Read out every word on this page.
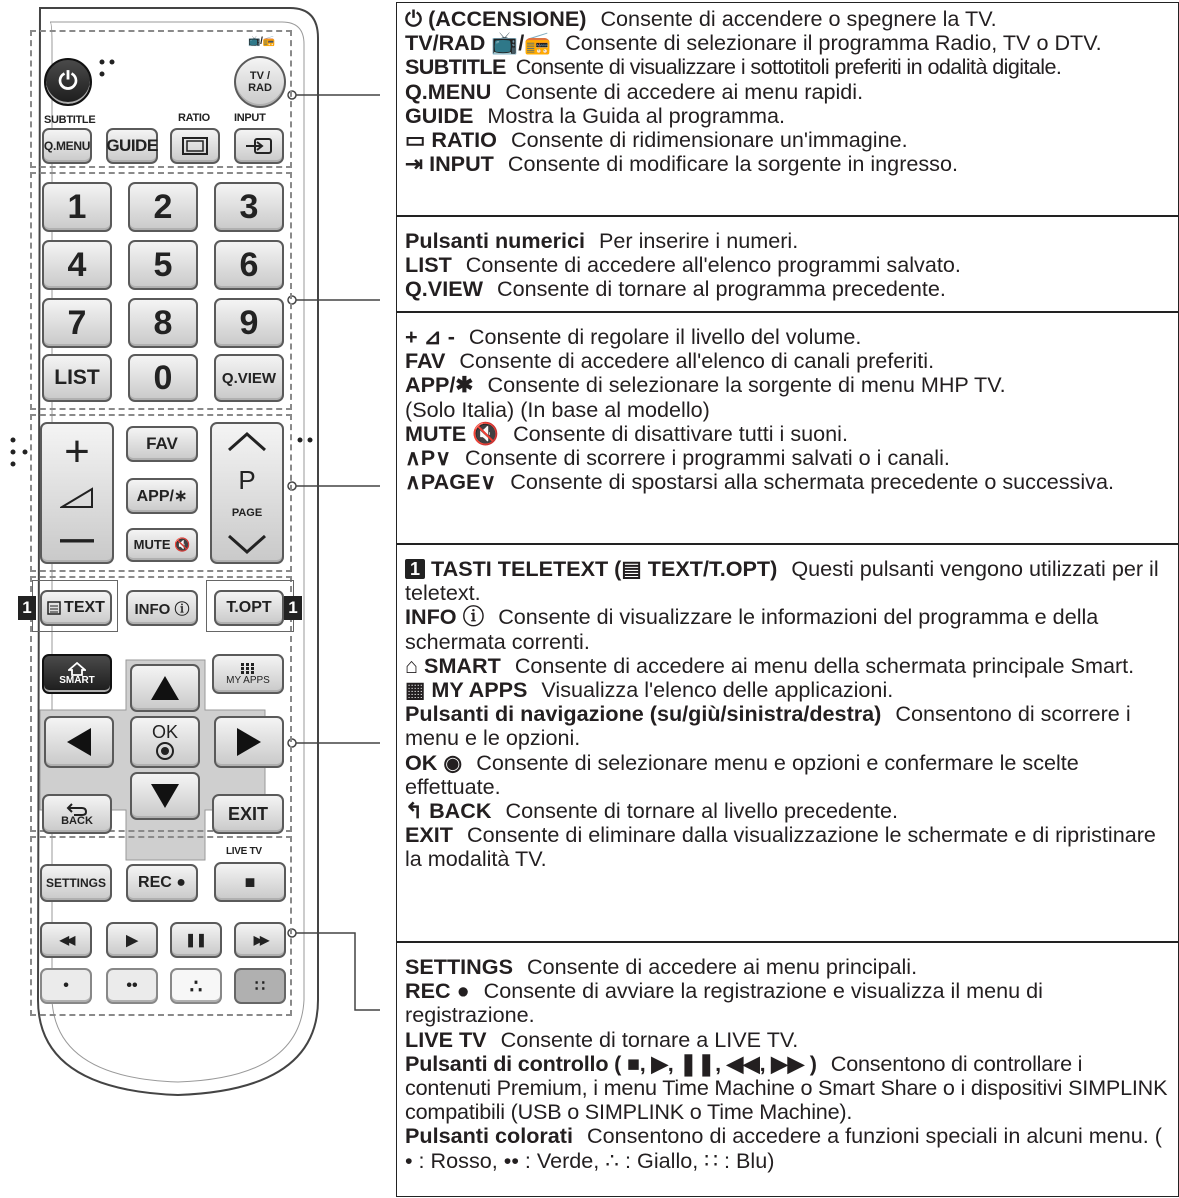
⏻
📺/📻
TV / RAD
SUBTITLE	RATIO INPUT
Q.MENU GUIDE
1	2	3
4	5	6
7	8	9
LIST	0	Q.VIEW
+
—
FAV
APP/∗
MUTE 🔇
P
PAGE
1	1
TEXT	INFO ⓘ	T.OPT
SMART	MY APPS
OK
BACK	EXIT
LIVE TV
SETTINGS	REC ●	■
◀◀	▶	❚❚	▶▶
•	••	∴	∷

⏻ (ACCENSIONE) Consente di accendere o spegnere la TV.

TV/RAD 📺/📻 Consente di selezionare il programma Radio, TV o DTV.

SUBTITLE Consente di visualizzare i sottotitoli preferiti in odalità digitale.

Q.MENU Consente di accedere ai menu rapidi.

GUIDE Mostra la Guida al programma.

▭ RATIO Consente di ridimensionare un'immagine.

⇥ INPUT Consente di modificare la sorgente in ingresso.

Pulsanti numerici Per inserire i numeri.

LIST Consente di accedere all'elenco programmi salvato.

Q.VIEW Consente di tornare al programma precedente.

+ ⊿ - Consente di regolare il livello del volume.

FAV Consente di accedere all'elenco di canali preferiti.

APP/✱ Consente di selezionare la sorgente di menu MHP TV.

(Solo Italia) (In base al modello)

MUTE 🔇 Consente di disattivare tutti i suoni.

∧P∨ Consente di scorrere i programmi salvati o i canali.

∧PAGE∨ Consente di spostarsi alla schermata precedente o successiva.

1 TASTI TELETEXT (▤ TEXT/T.OPT) Questi pulsanti vengono utilizzati per il teletext.

INFO ⓘ Consente di visualizzare le informazioni del programma e della schermata correnti.

⌂ SMART Consente di accedere ai menu della schermata principale Smart.

▦ MY APPS Visualizza l'elenco delle applicazioni.

Pulsanti di navigazione (su/giù/sinistra/destra) Consentono di scorrere i menu e le opzioni.

OK ◉ Consente di selezionare menu e opzioni e confermare le scelte effettuate.

↰ BACK Consente di tornare al livello precedente.

EXIT Consente di eliminare dalla visualizzazione le schermate e di ripristinare la modalità TV.

SETTINGS Consente di accedere ai menu principali.

REC ● Consente di avviare la registrazione e visualizza il menu di registrazione.

LIVE TV Consente di tornare a LIVE TV.

Pulsanti di controllo ( ■, ▶, ❚❚, ◀◀, ▶▶ ) Consentono di controllare i contenuti Premium, i menu Time Machine o Smart Share o i dispositivi SIMPLINK compatibili (USB o SIMPLINK o Time Machine).

Pulsanti colorati Consentono di accedere a funzioni speciali in alcuni menu. ( • : Rosso, •• : Verde, ∴ : Giallo, ∷ : Blu)
